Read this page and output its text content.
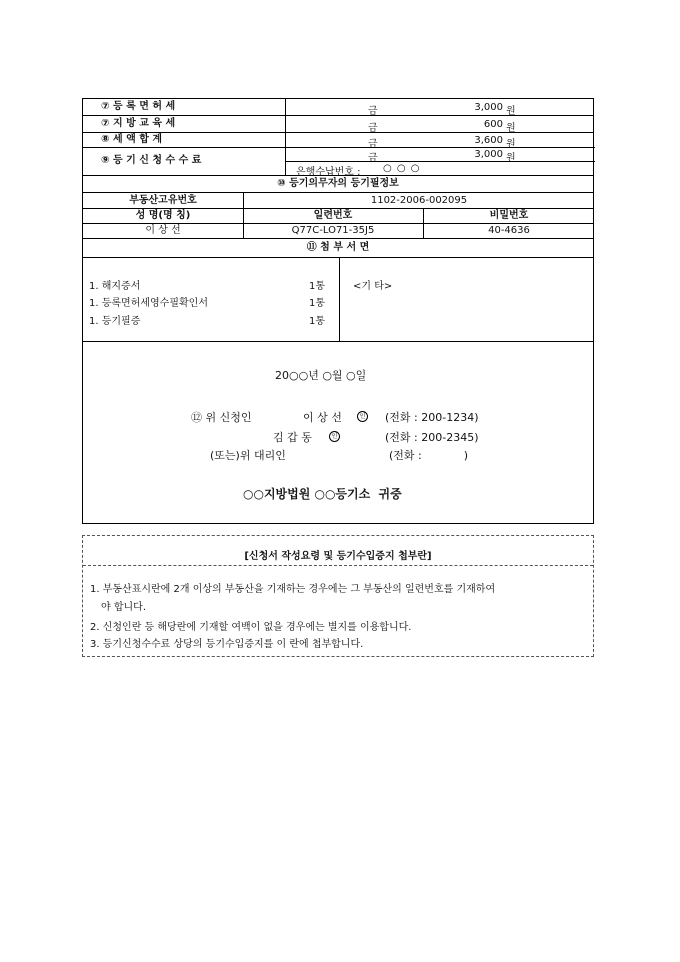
⑦ 등 록 면 허 세	금	3,000 원
⑦ 지 방 교 육 세	금	600 원
⑧ 세 액 합 계	금	3,600 원
⑨ 등 기 신 청 수 수 료	금	3,000 원
은행수납번호 : ○ ○ ○
⑩ 등기의무자의 등기필정보
부동산고유번호	1102-2006-002095
성 명(명 칭)	일련번호	비밀번호
이 상 선	Q77C-LO71-35J5	40-4636
⑪ 첨 부 서 면
1. 해지증서	1통
1. 등록면허세영수필확인서	1통
1. 등기필증	1통
<기 타>
20○○년 ○월 ○일
⑫ 위 신청인	이 상 선	인 (전화 : 200-1234)
김 갑 동	인	(전화 : 200-2345)
(또는)위 대리인	(전화 :            )
○○지방법원 ○○등기소  귀중
[신청서 작성요령 및 등기수입증지 첩부란]
1. 부동산표시란에 2개 이상의 부동산을 기재하는 경우에는 그 부동산의 일련번호를 기재하여
야 합니다.
2. 신청인란 등 해당란에 기재할 여백이 없을 경우에는 별지를 이용합니다.
3. 등기신청수수료 상당의 등기수입증지를 이 란에 첩부합니다.
